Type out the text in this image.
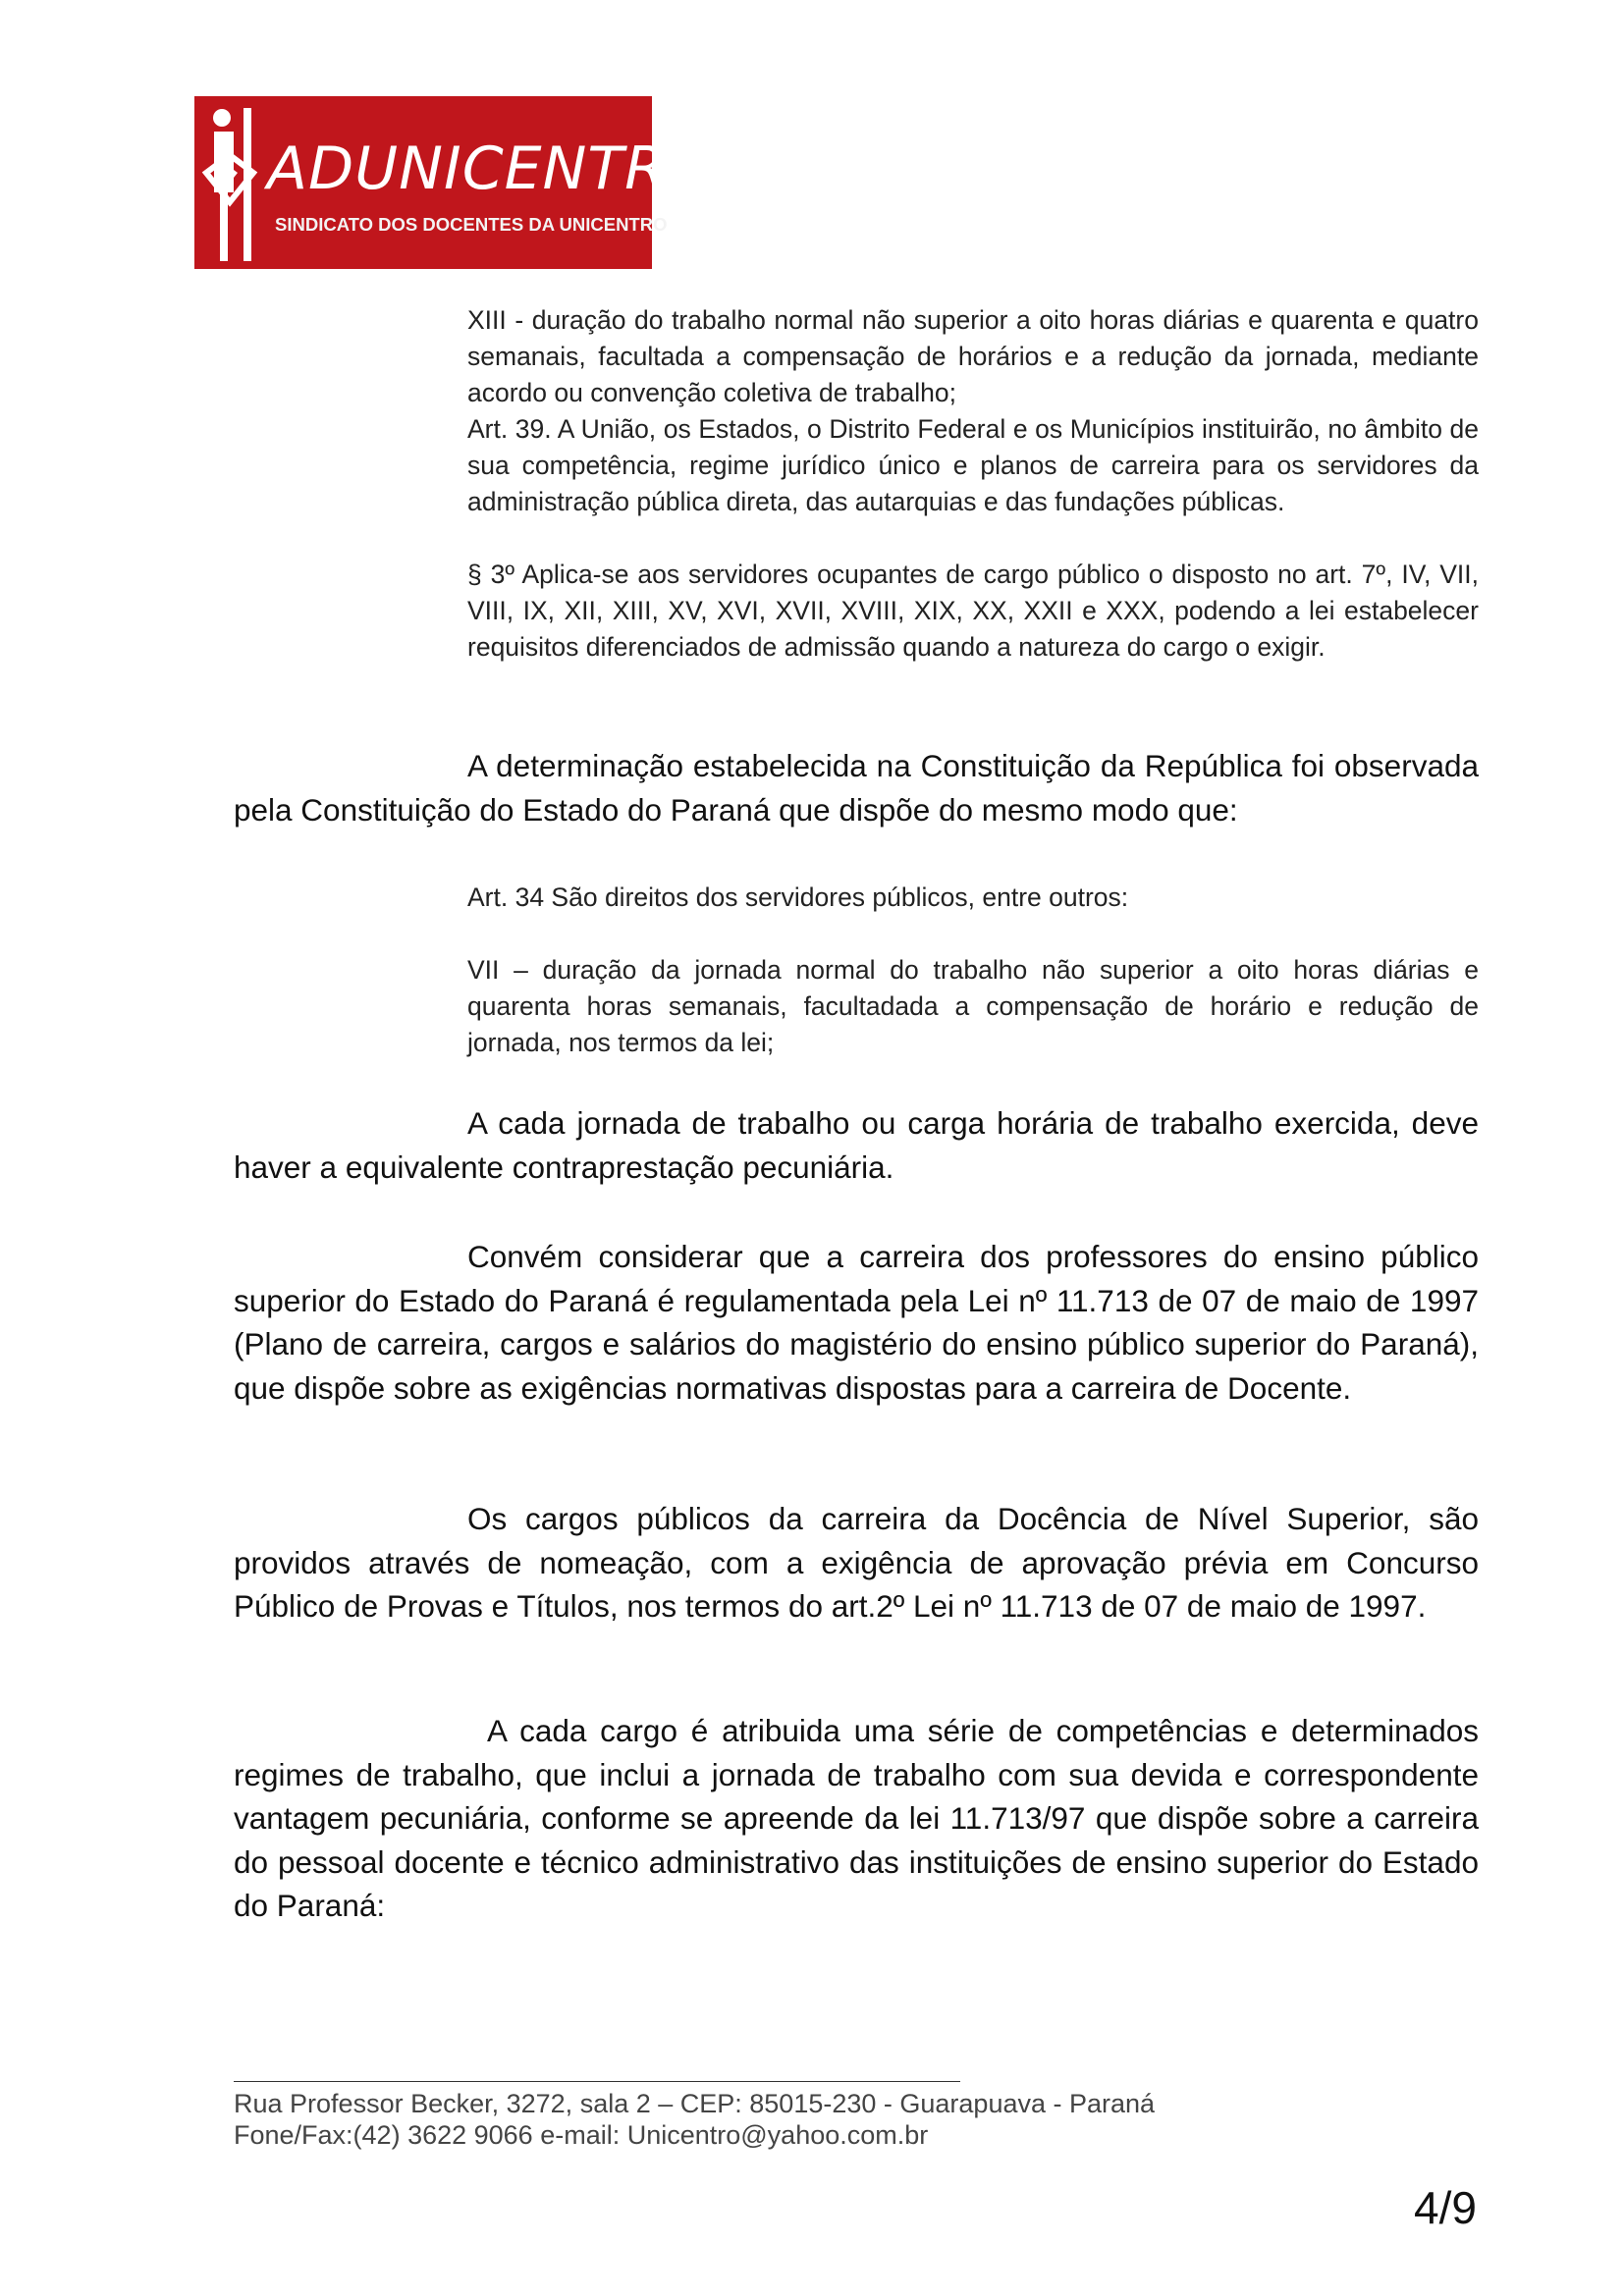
ADUNICENTRO
SINDICATO DOS DOCENTES DA UNICENTRO
XIII - duração do trabalho normal não superior a oito horas diárias e quarenta e quatro semanais, facultada a compensação de horários e a redução da jornada, mediante acordo ou convenção coletiva de trabalho;
Art. 39. A União, os Estados, o Distrito Federal e os Municípios instituirão, no âmbito de sua competência, regime jurídico único e planos de carreira para os servidores da administração pública direta, das autarquias e das fundações públicas.
§ 3º Aplica-se aos servidores ocupantes de cargo público o disposto no art. 7º, IV, VII, VIII, IX, XII, XIII, XV, XVI, XVII, XVIII, XIX, XX, XXII e XXX, podendo a lei estabelecer requisitos diferenciados de admissão quando a natureza do cargo o exigir.
A determinação estabelecida na Constituição da República foi observada pela Constituição do Estado do Paraná que dispõe do mesmo modo que:
Art. 34 São direitos dos servidores públicos, entre outros:
VII – duração da jornada normal do trabalho não superior a oito horas diárias e quarenta horas semanais, facultadada a compensação de horário e redução de jornada, nos termos da lei;
A cada jornada de trabalho ou carga horária de trabalho exercida, deve haver a equivalente contraprestação pecuniária.
Convém considerar que a carreira dos professores do ensino público superior do Estado do Paraná é regulamentada pela Lei nº 11.713 de 07 de maio de 1997 (Plano de carreira, cargos e salários do magistério do ensino público superior do Paraná), que dispõe sobre as exigências normativas dispostas para a carreira de Docente.
Os cargos públicos da carreira da Docência de Nível Superior, são providos através de nomeação, com a exigência de aprovação prévia em Concurso Público de Provas e Títulos, nos termos do art.2º Lei nº 11.713 de 07 de maio de 1997.
A cada cargo é atribuida uma série de competências e determinados regimes de trabalho, que inclui a jornada de trabalho com sua devida e correspondente vantagem pecuniária, conforme se apreende da lei 11.713/97 que dispõe sobre a carreira do pessoal docente e técnico administrativo das instituições de ensino superior do Estado do Paraná:
Rua Professor Becker, 3272, sala 2 – CEP: 85015-230 - Guarapuava - Paraná
Fone/Fax:(42) 3622 9066 e-mail: Unicentro@yahoo.com.br
4/9
